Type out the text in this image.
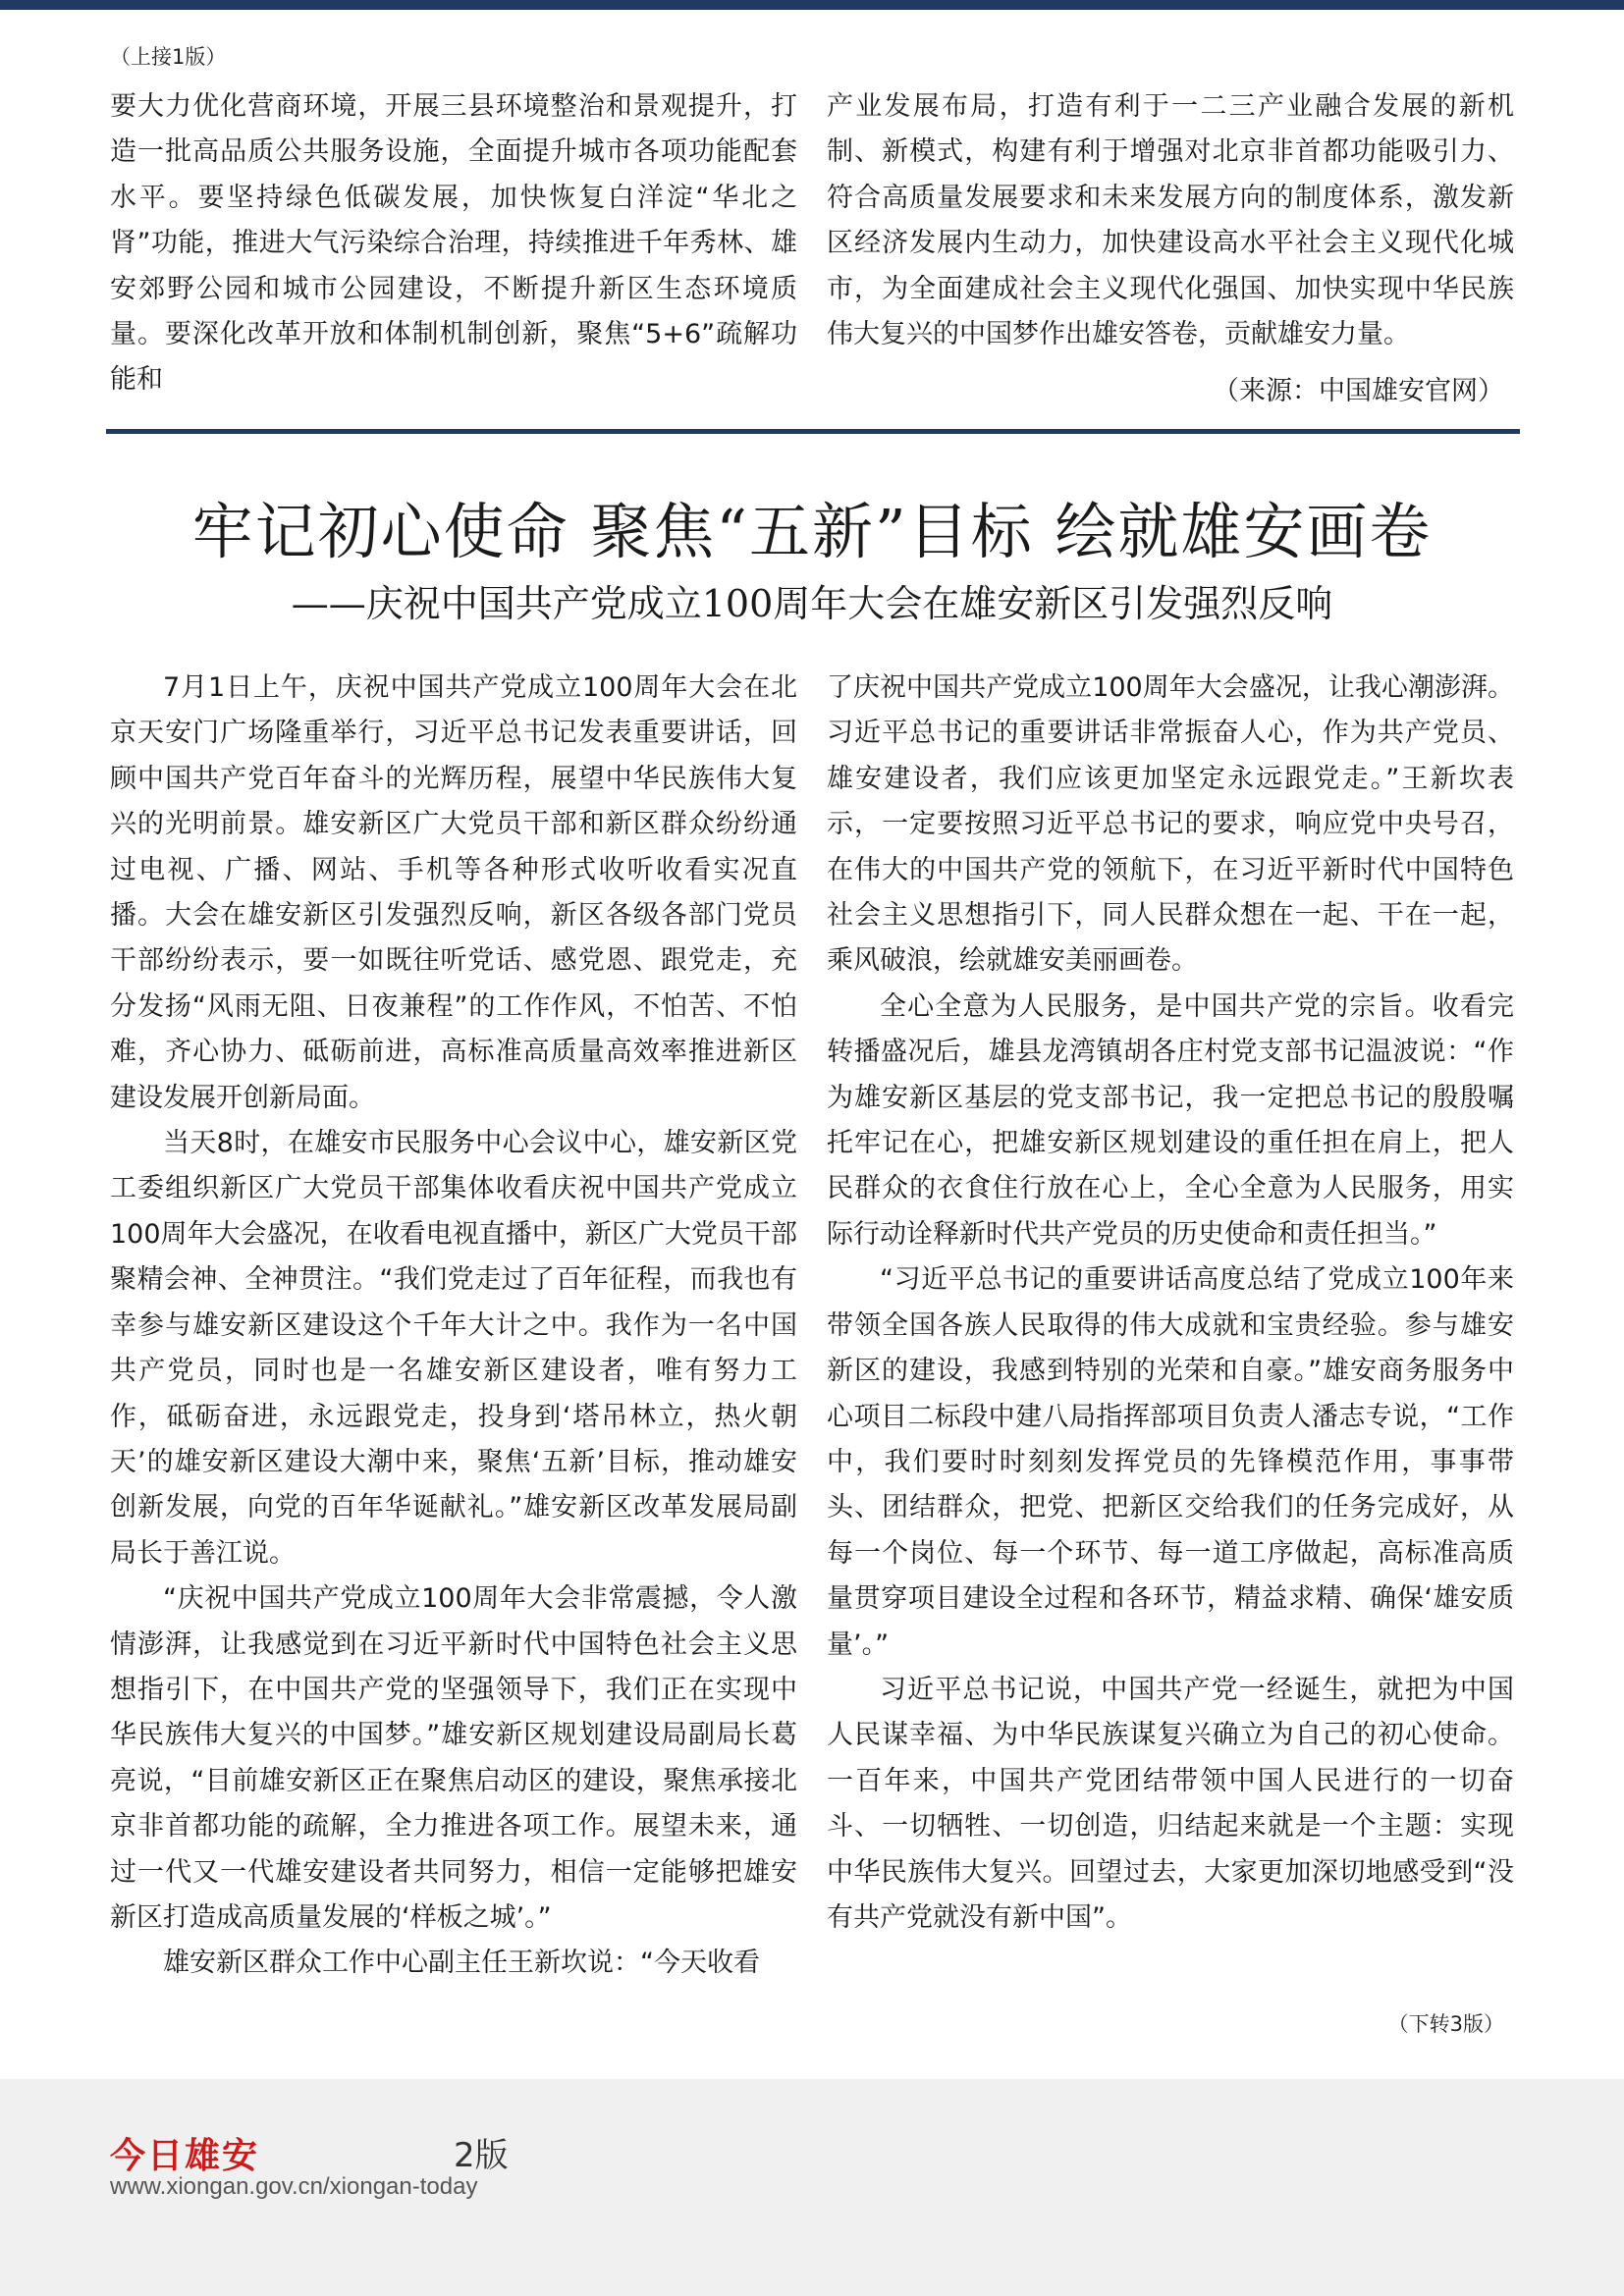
（上接1版）

要大力优化营商环境，开展三县环境整治和景观提升，打造一批高品质公共服务设施，全面提升城市各项功能配套水平。要坚持绿色低碳发展，加快恢复白洋淀“华北之肾”功能，推进大气污染综合治理，持续推进千年秀林、雄安郊野公园和城市公园建设，不断提升新区生态环境质量。要深化改革开放和体制机制创新，聚焦“5+6”疏解功能和

产业发展布局，打造有利于一二三产业融合发展的新机制、新模式，构建有利于增强对北京非首都功能吸引力、符合高质量发展要求和未来发展方向的制度体系，激发新区经济发展内生动力，加快建设高水平社会主义现代化城市，为全面建成社会主义现代化强国、加快实现中华民族伟大复兴的中国梦作出雄安答卷，贡献雄安力量。

（来源：中国雄安官网）
牢记初心使命 聚焦“五新”目标 绘就雄安画卷
——庆祝中国共产党成立100周年大会在雄安新区引发强烈反响

7月1日上午，庆祝中国共产党成立100周年大会在北京天安门广场隆重举行，习近平总书记发表重要讲话，回顾中国共产党百年奋斗的光辉历程，展望中华民族伟大复兴的光明前景。雄安新区广大党员干部和新区群众纷纷通过电视、广播、网站、手机等各种形式收听收看实况直播。大会在雄安新区引发强烈反响，新区各级各部门党员干部纷纷表示，要一如既往听党话、感党恩、跟党走，充分发扬“风雨无阻、日夜兼程”的工作作风，不怕苦、不怕难，齐心协力、砥砺前进，高标准高质量高效率推进新区建设发展开创新局面。

当天8时，在雄安市民服务中心会议中心，雄安新区党工委组织新区广大党员干部集体收看庆祝中国共产党成立100周年大会盛况，在收看电视直播中，新区广大党员干部聚精会神、全神贯注。“我们党走过了百年征程，而我也有幸参与雄安新区建设这个千年大计之中。我作为一名中国共产党员，同时也是一名雄安新区建设者，唯有努力工作，砥砺奋进，永远跟党走，投身到‘塔吊林立，热火朝天’的雄安新区建设大潮中来，聚焦‘五新’目标，推动雄安创新发展，向党的百年华诞献礼。”雄安新区改革发展局副局长于善江说。

“庆祝中国共产党成立100周年大会非常震撼，令人激情澎湃，让我感觉到在习近平新时代中国特色社会主义思想指引下，在中国共产党的坚强领导下，我们正在实现中华民族伟大复兴的中国梦。”雄安新区规划建设局副局长葛亮说，“目前雄安新区正在聚焦启动区的建设，聚焦承接北京非首都功能的疏解，全力推进各项工作。展望未来，通过一代又一代雄安建设者共同努力，相信一定能够把雄安新区打造成高质量发展的‘样板之城’。”

雄安新区群众工作中心副主任王新坎说：“今天收看

了庆祝中国共产党成立100周年大会盛况，让我心潮澎湃。习近平总书记的重要讲话非常振奋人心，作为共产党员、雄安建设者，我们应该更加坚定永远跟党走。”王新坎表示，一定要按照习近平总书记的要求，响应党中央号召，在伟大的中国共产党的领航下，在习近平新时代中国特色社会主义思想指引下，同人民群众想在一起、干在一起，乘风破浪，绘就雄安美丽画卷。

全心全意为人民服务，是中国共产党的宗旨。收看完转播盛况后，雄县龙湾镇胡各庄村党支部书记温波说：“作为雄安新区基层的党支部书记，我一定把总书记的殷殷嘱托牢记在心，把雄安新区规划建设的重任担在肩上，把人民群众的衣食住行放在心上，全心全意为人民服务，用实际行动诠释新时代共产党员的历史使命和责任担当。”

“习近平总书记的重要讲话高度总结了党成立100年来带领全国各族人民取得的伟大成就和宝贵经验。参与雄安新区的建设，我感到特别的光荣和自豪。”雄安商务服务中心项目二标段中建八局指挥部项目负责人潘志专说，“工作中，我们要时时刻刻发挥党员的先锋模范作用，事事带头、团结群众，把党、把新区交给我们的任务完成好，从每一个岗位、每一个环节、每一道工序做起，高标准高质量贯穿项目建设全过程和各环节，精益求精、确保‘雄安质量’。”

习近平总书记说，中国共产党一经诞生，就把为中国人民谋幸福、为中华民族谋复兴确立为自己的初心使命。一百年来，中国共产党团结带领中国人民进行的一切奋斗、一切牺牲、一切创造，归结起来就是一个主题：实现中华民族伟大复兴。回望过去，大家更加深切地感受到“没有共产党就没有新中国”。

（下转3版）
今日雄安	2版
www.xiongan.gov.cn/xiongan-today
